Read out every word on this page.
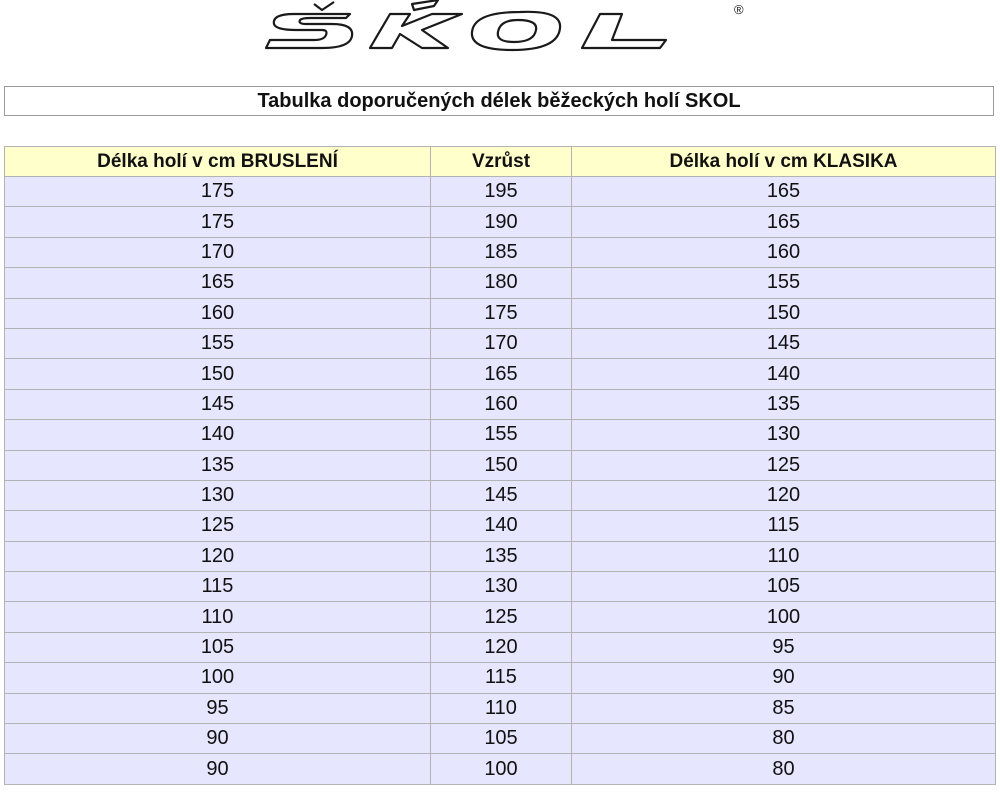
®
Tabulka doporučených délek běžeckých holí SKOL
Délka holí v cm BRUSLENÍ	Vzrůst	Délka holí v cm KLASIKA
175	195	165
175	190	165
170	185	160
165	180	155
160	175	150
155	170	145
150	165	140
145	160	135
140	155	130
135	150	125
130	145	120
125	140	115
120	135	110
115	130	105
110	125	100
105	120	95
100	115	90
95	110	85
90	105	80
90	100	80
